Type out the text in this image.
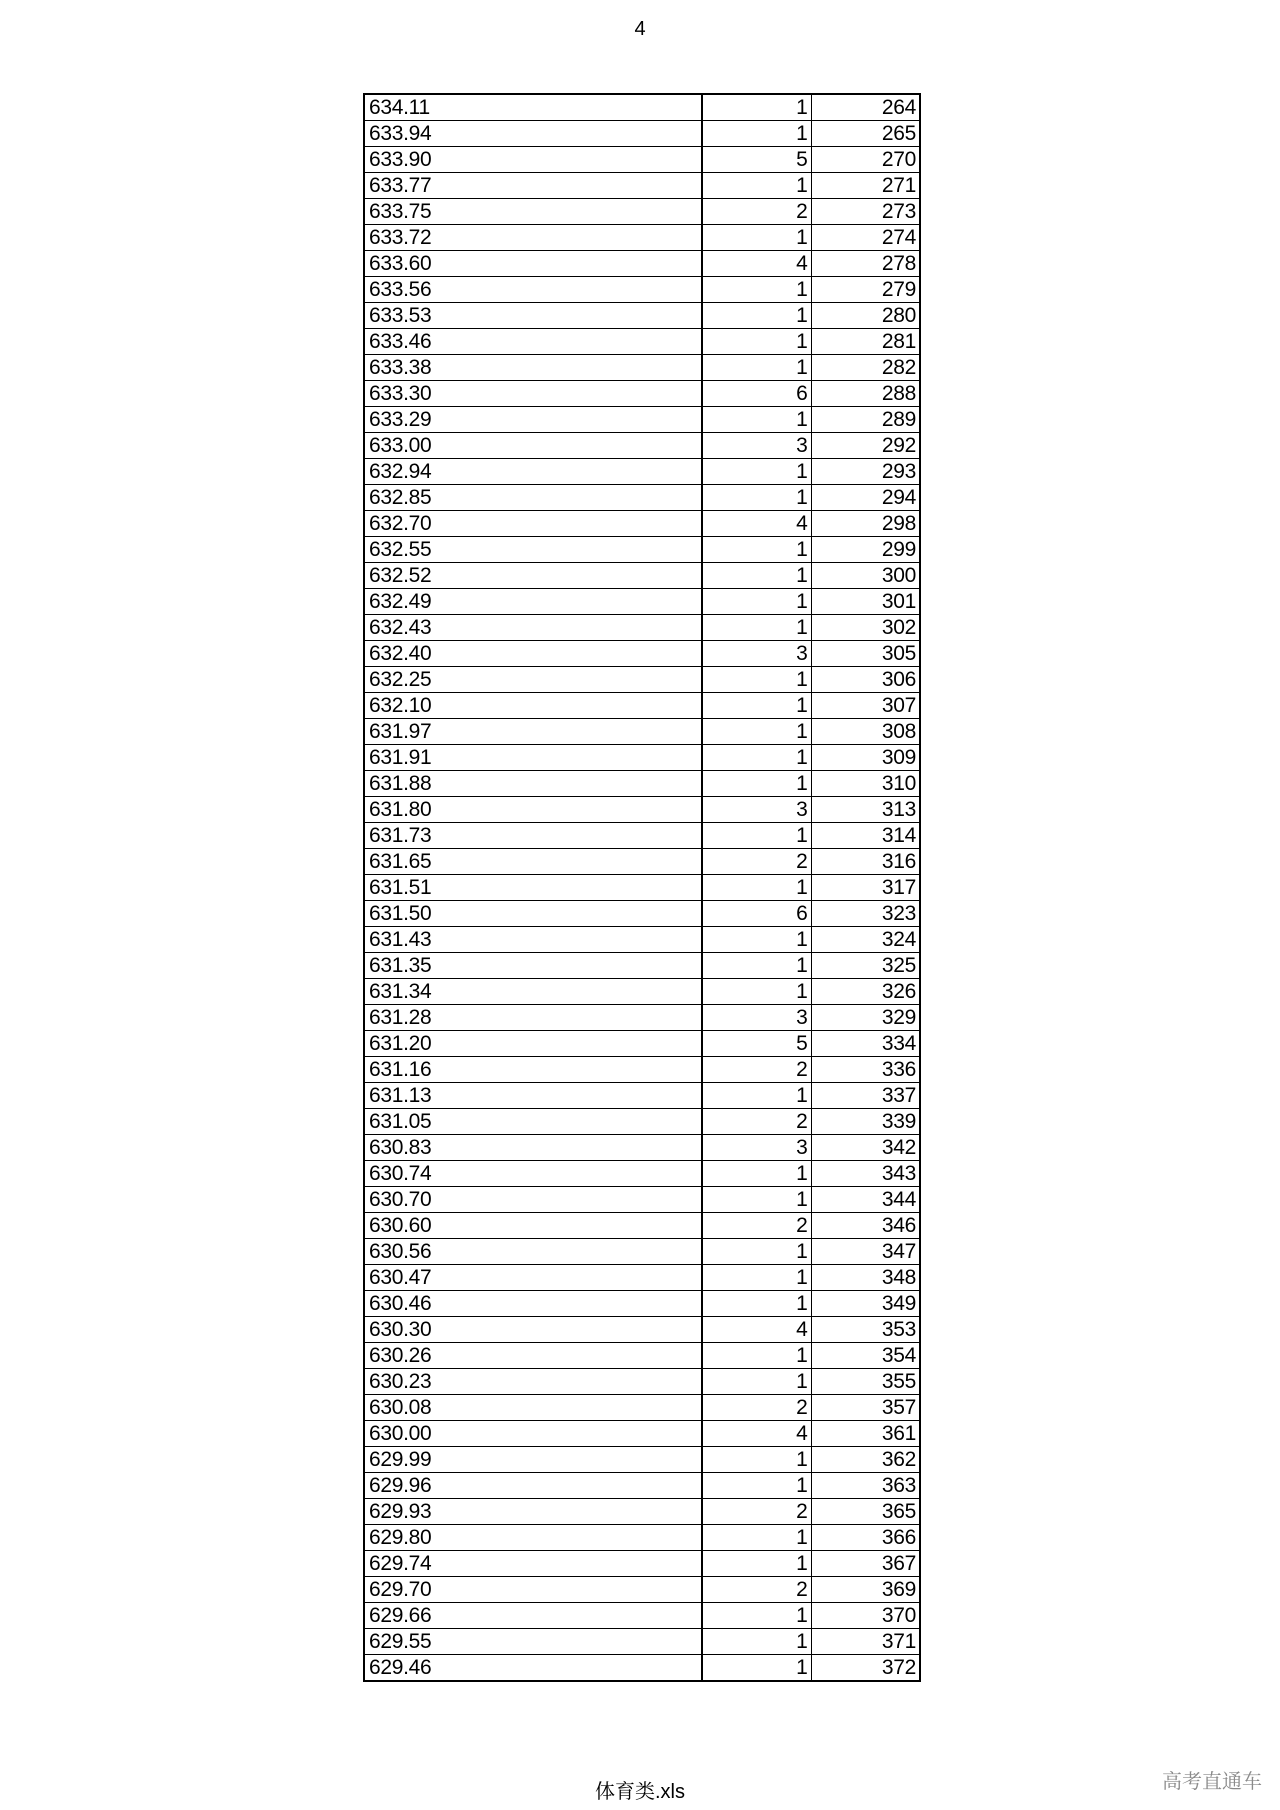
4
634.11	1	264
633.94	1	265
633.90	5	270
633.77	1	271
633.75	2	273
633.72	1	274
633.60	4	278
633.56	1	279
633.53	1	280
633.46	1	281
633.38	1	282
633.30	6	288
633.29	1	289
633.00	3	292
632.94	1	293
632.85	1	294
632.70	4	298
632.55	1	299
632.52	1	300
632.49	1	301
632.43	1	302
632.40	3	305
632.25	1	306
632.10	1	307
631.97	1	308
631.91	1	309
631.88	1	310
631.80	3	313
631.73	1	314
631.65	2	316
631.51	1	317
631.50	6	323
631.43	1	324
631.35	1	325
631.34	1	326
631.28	3	329
631.20	5	334
631.16	2	336
631.13	1	337
631.05	2	339
630.83	3	342
630.74	1	343
630.70	1	344
630.60	2	346
630.56	1	347
630.47	1	348
630.46	1	349
630.30	4	353
630.26	1	354
630.23	1	355
630.08	2	357
630.00	4	361
629.99	1	362
629.96	1	363
629.93	2	365
629.80	1	366
629.74	1	367
629.70	2	369
629.66	1	370
629.55	1	371
629.46	1	372
体育类.xls	高考直通车
